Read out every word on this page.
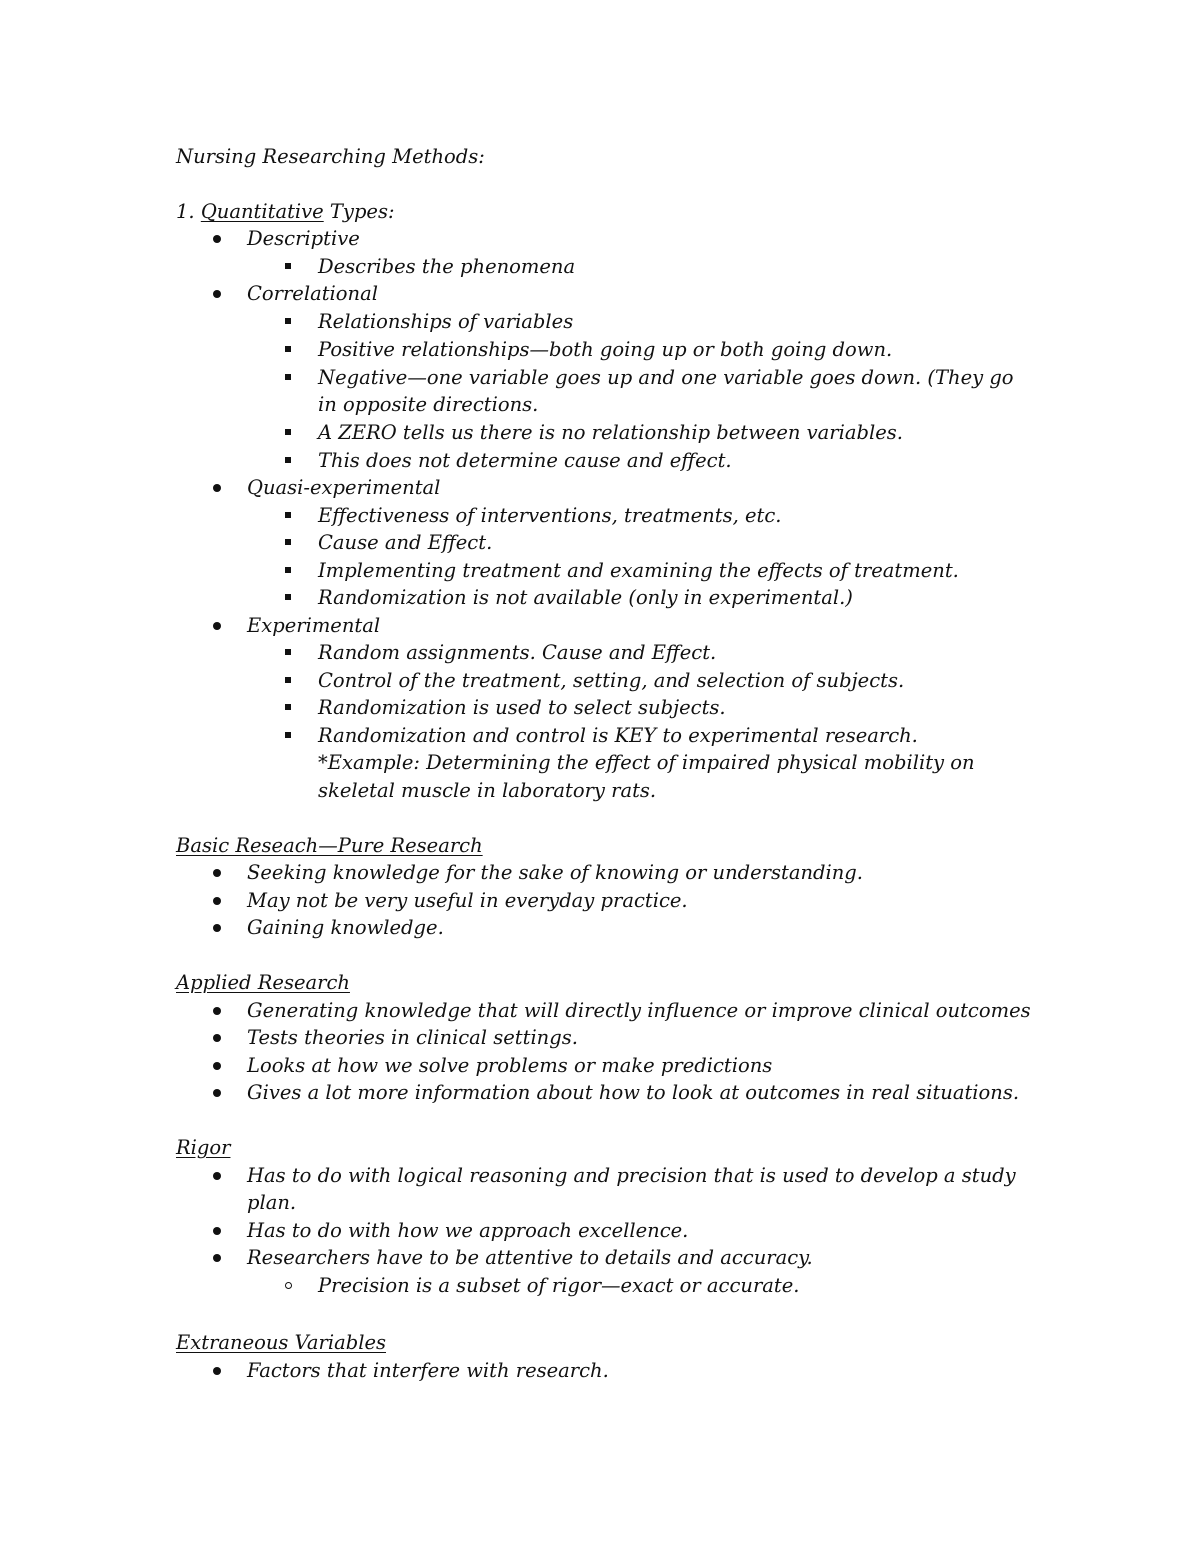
Nursing Researching Methods:
1. Quantitative Types:
Descriptive
Describes the phenomena
Correlational
Relationships of variables
Positive relationships—both going up or both going down.
Negative—one variable goes up and one variable goes down. (They go
in opposite directions.
A ZERO tells us there is no relationship between variables.
This does not determine cause and effect.
Quasi-experimental
Effectiveness of interventions, treatments, etc.
Cause and Effect.
Implementing treatment and examining the effects of treatment.
Randomization is not available (only in experimental.)
Experimental
Random assignments. Cause and Effect.
Control of the treatment, setting, and selection of subjects.
Randomization is used to select subjects.
Randomization and control is KEY to experimental research.
*Example: Determining the effect of impaired physical mobility on
skeletal muscle in laboratory rats.
Basic Reseach—Pure Research
Seeking knowledge for the sake of knowing or understanding.
May not be very useful in everyday practice.
Gaining knowledge.
Applied Research
Generating knowledge that will directly influence or improve clinical outcomes
Tests theories in clinical settings.
Looks at how we solve problems or make predictions
Gives a lot more information about how to look at outcomes in real situations.
Rigor
Has to do with logical reasoning and precision that is used to develop a study
plan.
Has to do with how we approach excellence.
Researchers have to be attentive to details and accuracy.
Precision is a subset of rigor—exact or accurate.
Extraneous Variables
Factors that interfere with research.
